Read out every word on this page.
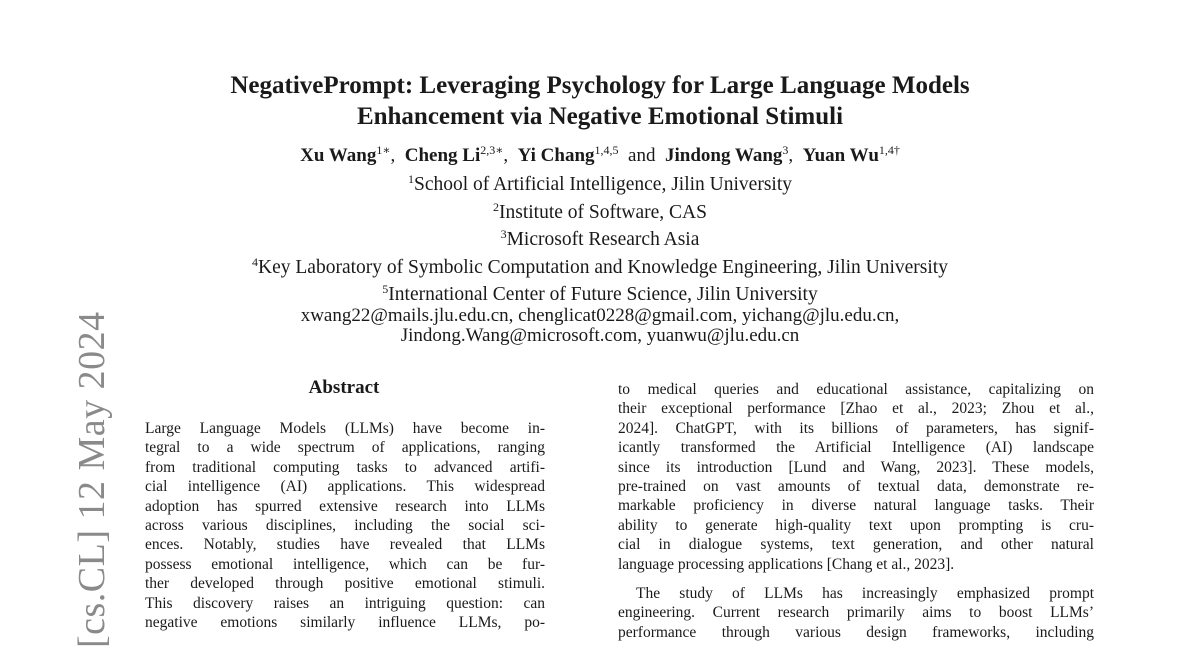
[cs.CL] 12 May 2024
NegativePrompt: Leveraging Psychology for Large Language Models
Enhancement via Negative Emotional Stimuli
Xu Wang$^{1∗}$,  Cheng $Li^{2,3∗}$,  Yi Chang$^{1,4,5}$ and Jindong Wang$^3$,  Yuan $Wu^{1,4\dagger}$
$^1$School of Artificial Intelligence, Jilin University
$^2$Institute of Software, CAS
$^3$Microsoft Research Asia
$^4$Key Laboratory of Symbolic Computation and Knowledge Engineering, Jilin University
$^5$International Center of Future Science, Jilin University
xwang22@mails.jlu.edu.cn, chenglicat0228@gmail.com, yichang@jlu.edu.cn,
Jindong.Wang@microsoft.com, yuanwu@jlu.edu.cn
Abstract
Large Language Models (LLMs) have become in-
tegral to a wide spectrum of applications, ranging
from traditional computing tasks to advanced artifi-
cial intelligence (AI) applications. This widespread
adoption has spurred extensive research into LLMs
across various disciplines, including the social sci-
ences. Notably, studies have revealed that LLMs
possess emotional intelligence, which can be fur-
ther developed through positive emotional stimuli.
This discovery raises an intriguing question: can
negative emotions similarly influence LLMs, po-
to medical queries and educational assistance, capitalizing on
their exceptional performance [Zhao et al., 2023; Zhou et al.,
2024]. ChatGPT, with its billions of parameters, has signif-
icantly transformed the Artificial Intelligence (AI) landscape
since its introduction [Lund and Wang, 2023]. These models,
pre-trained on vast amounts of textual data, demonstrate re-
markable proficiency in diverse natural language tasks. Their
ability to generate high-quality text upon prompting is cru-
cial in dialogue systems, text generation, and other natural
language processing applications [Chang et al., 2023].
The study of LLMs has increasingly emphasized prompt
engineering. Current research primarily aims to boost LLMs’
performance through various design frameworks, including
